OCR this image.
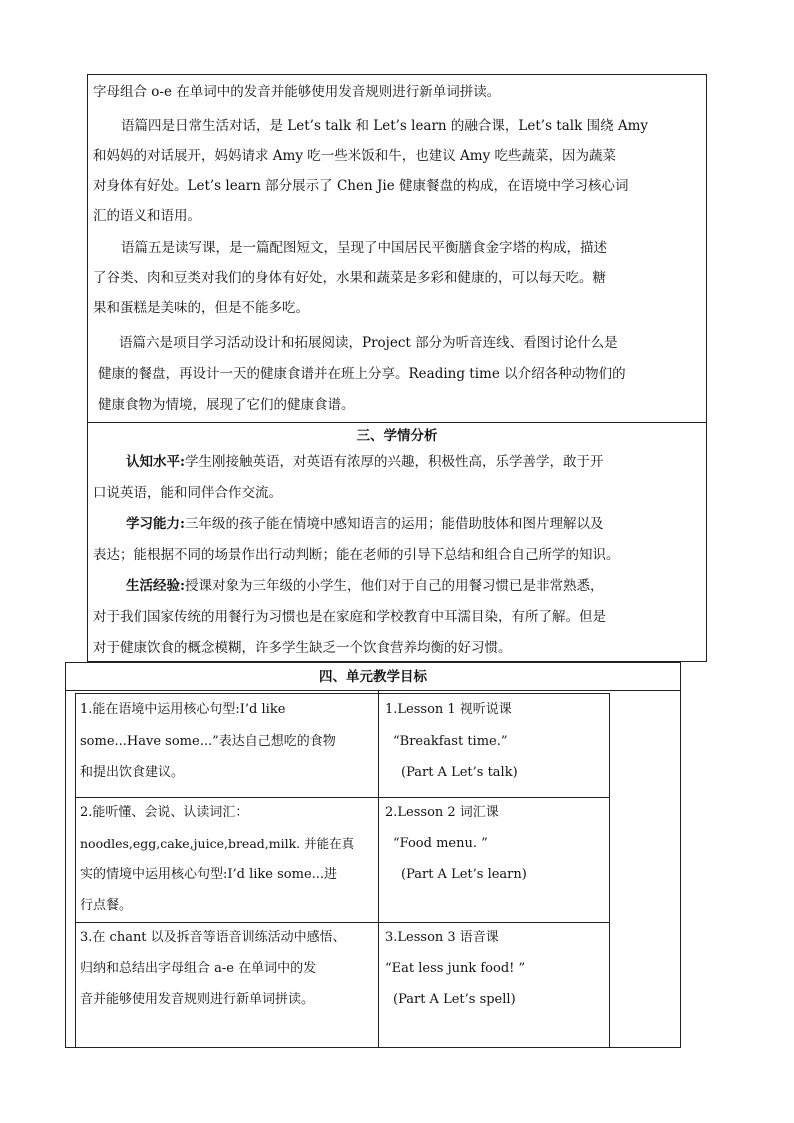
字母组合 o-e 在单词中的发音并能够使用发音规则进行新单词拼读。
语篇四是日常生活对话，是 Let’s talk 和 Let’s learn 的融合课，Let’s talk 围绕 Amy
和妈妈的对话展开，妈妈请求 Amy 吃一些米饭和牛，也建议 Amy 吃些蔬菜，因为蔬菜
对身体有好处。Let’s learn 部分展示了 Chen Jie 健康餐盘的构成，在语境中学习核心词
汇的语义和语用。
语篇五是读写课，是一篇配图短文，呈现了中国居民平衡膳食金字塔的构成，描述
了谷类、肉和豆类对我们的身体有好处，水果和蔬菜是多彩和健康的，可以每天吃。糖
果和蛋糕是美味的，但是不能多吃。
语篇六是项目学习活动设计和拓展阅读，Project 部分为听音连线、看图讨论什么是
健康的餐盘，再设计一天的健康食谱并在班上分享。Reading time 以介绍各种动物们的
健康食物为情境，展现了它们的健康食谱。
三、学情分析
认知水平:学生刚接触英语，对英语有浓厚的兴趣，积极性高，乐学善学，敢于开
口说英语，能和同伴合作交流。
学习能力:三年级的孩子能在情境中感知语言的运用；能借助肢体和图片理解以及
表达；能根据不同的场景作出行动判断；能在老师的引导下总结和组合自己所学的知识。
生活经验:授课对象为三年级的小学生，他们对于自己的用餐习惯已是非常熟悉，
对于我们国家传统的用餐行为习惯也是在家庭和学校教育中耳濡目染，有所了解。但是
对于健康饮食的概念模糊，许多学生缺乏一个饮食营养均衡的好习惯。
四、单元教学目标
1.能在语境中运用核心句型:I’d like
some...Have some...”表达自己想吃的食物
和提出饮食建议。
1.Lesson 1 视听说课
“Breakfast time.”
(Part A Let’s talk)
2.能听懂、会说、认读词汇：
noodles,egg,cake,juice,bread,milk. 并能在真
实的情境中运用核心句型:I’d like some...进
行点餐。
2.Lesson 2 词汇课
“Food menu. ”
(Part A Let’s learn)
3.在 chant 以及拆音等语音训练活动中感悟、
归纳和总结出字母组合 a-e 在单词中的发
音并能够使用发音规则进行新单词拼读。
3.Lesson 3 语音课
“Eat less junk food! ”
(Part A Let’s spell)
